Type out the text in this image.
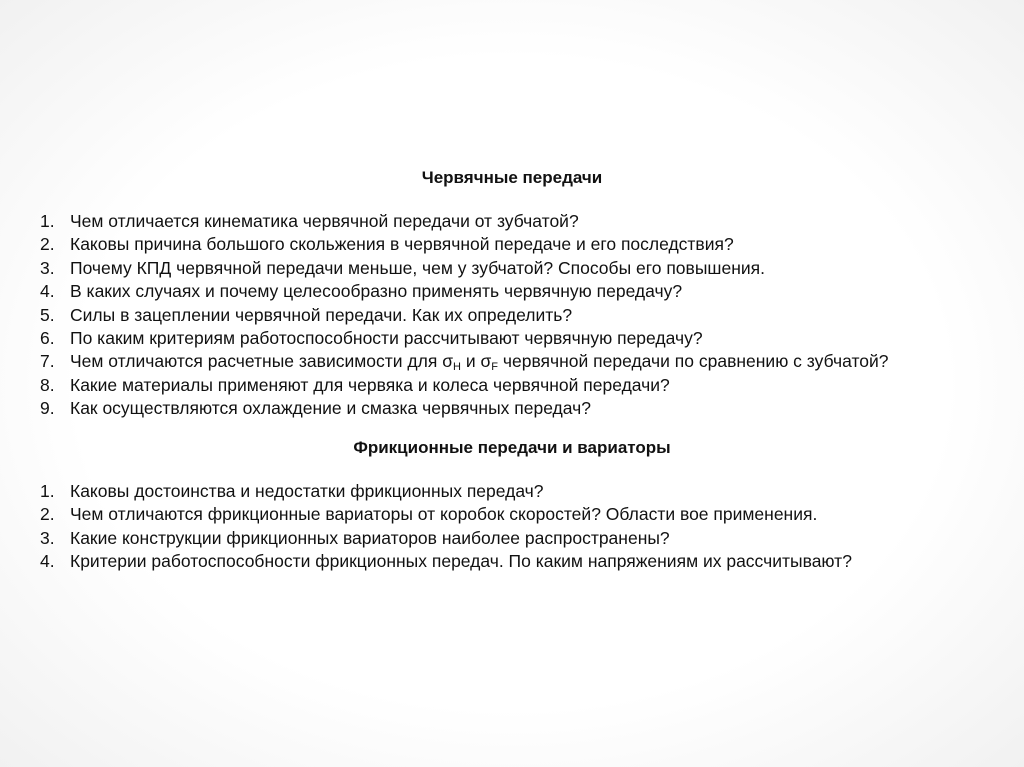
Червячные передачи
1. Чем отличается кинематика червячной передачи от зубчатой?
2. Каковы причина большого скольжения в червячной передаче и его последствия?
3. Почему КПД червячной передачи меньше, чем у зубчатой? Способы его повышения.
4. В каких случаях и почему целесообразно применять червячную передачу?
5. Силы в зацеплении червячной передачи. Как их определить?
6. По каким критериям работоспособности рассчитывают червячную передачу?
7. Чем отличаются расчетные зависимости для $\sigma_H$ и $\sigma_F$ червячной передачи по сравнению с зубчатой?
8. Какие материалы применяют для червяка и колеса червячной передачи?
9. Как осуществляются охлаждение и смазка червячных передач?
Фрикционные передачи и вариаторы
1. Каковы достоинства и недостатки фрикционных передач?
2. Чем отличаются фрикционные вариаторы от коробок скоростей? Области вое применения.
3. Какие конструкции фрикционных вариаторов наиболее распространены?
4. Критерии работоспособности фрикционных передач. По каким напряжениям их рассчитывают?
